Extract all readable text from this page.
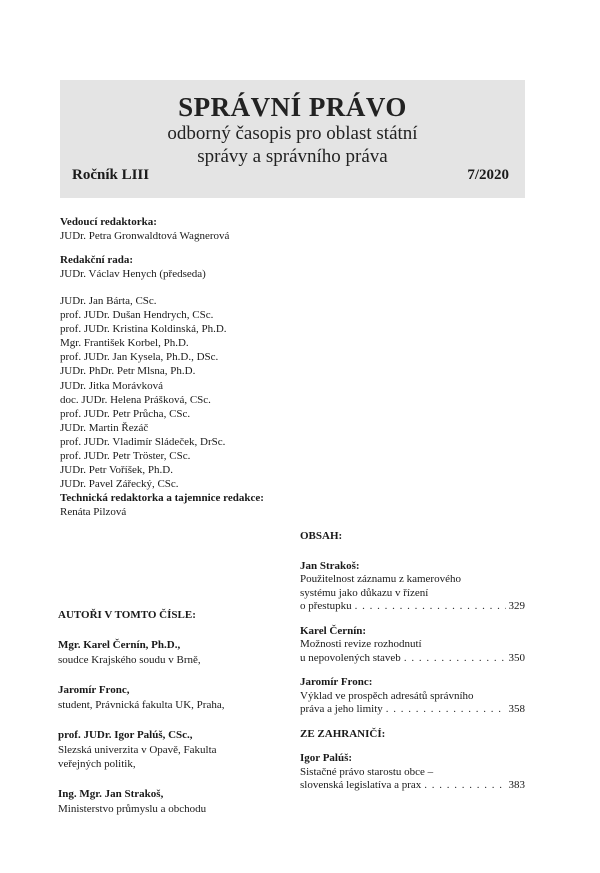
SPRÁVNÍ PRÁVO
odborný časopis pro oblast státní
správy a správního práva
Ročník LIII	7/2020
Vedoucí redaktorka:
JUDr. Petra Gronwaldtová Wagnerová
Redakční rada:
JUDr. Václav Henych (předseda)
JUDr. Jan Bárta, CSc.
prof. JUDr. Dušan Hendrych, CSc.
prof. JUDr. Kristina Koldinská, Ph.D.
Mgr. František Korbel, Ph.D.
prof. JUDr. Jan Kysela, Ph.D., DSc.
JUDr. PhDr. Petr Mlsna, Ph.D.
JUDr. Jitka Morávková
doc. JUDr. Helena Prášková, CSc.
prof. JUDr. Petr Průcha, CSc.
JUDr. Martin Řezáč
prof. JUDr. Vladimír Sládeček, DrSc.
prof. JUDr. Petr Tröster, CSc.
JUDr. Petr Voříšek, Ph.D.
JUDr. Pavel Zářecký, CSc.
Technická redaktorka a tajemnice redakce:
Renáta Pilzová
AUTOŘI V TOMTO ČÍSLE:
Mgr. Karel Černín, Ph.D.,
soudce Krajského soudu v Brně,
Jaromír Fronc,
student, Právnická fakulta UK, Praha,
prof. JUDr. Igor Palúš, CSc.,
Slezská univerzita v Opavě, Fakulta
veřejných politik,
Ing. Mgr. Jan Strakoš,
Ministerstvo průmyslu a obchodu
OBSAH:
Jan Strakoš:
Použitelnost záznamu z kamerového
systému jako důkazu v řízení
o přestupku . . .	329
Karel Černín:
Možnosti revize rozhodnutí
u nepovolených staveb . . .	350
Jaromír Fronc:
Výklad ve prospěch adresátů správního
práva a jeho limity . . .	358
ZE ZAHRANIČÍ:
Igor Palúš:
Sistačné právo starostu obce –
slovenská legislatíva a prax . . .	383
